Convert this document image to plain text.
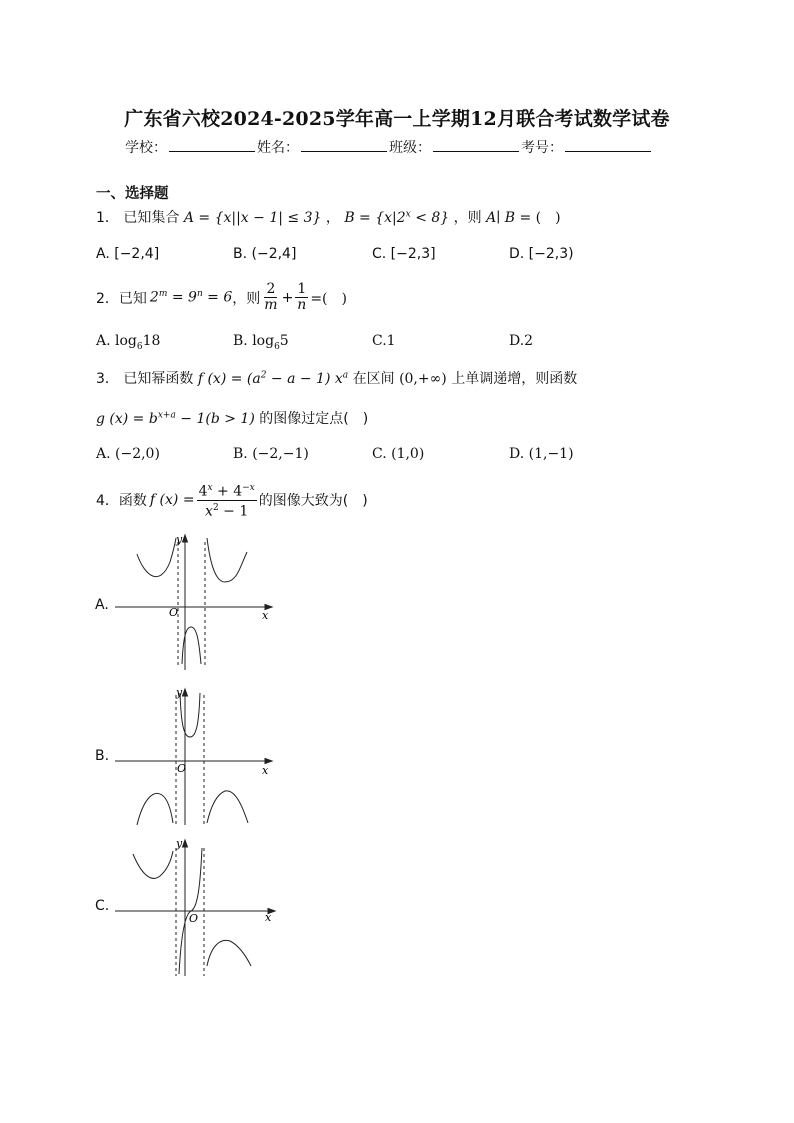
广东省六校2024-2025学年高一上学期12月联合考试数学试卷
学校：	姓名：	班级：	考号：
一、选择题
1． 已知集合 A = {x||x − 1| ≤ 3} ， $B = \{x|2^x < 8\}$ ，则 A∣ B = (　)
A. [−2,4]	B. (−2,4]	C. [−2,3]	D. [−2,3)
2． 已知 $2^m = 9^n = 6$ ，则 $\frac{2}{m} + \frac{1}{n}$ =(　)
A. $\log_618$	B. $\log_65$	C.1	D.2
3． 已知幂函数 f $(x) = (a^2 - a - 1)$ $x^a$ 在区间 (0,+∞) 上单调递增，则函数
g $(x) = b^{x+a} - 1(b > 1)$ 的图像过定点(　)
A. (−2,0)	B. (−2,−1)	C. (1,0)	D. (1,−1)
4． 函数 f $(x) = \frac{4^x + 4^{-x}}{x^2 - 1}$ 的图像大致为(　)
A.	O	x
y
B.
O	x
y
C.
O	x
y
